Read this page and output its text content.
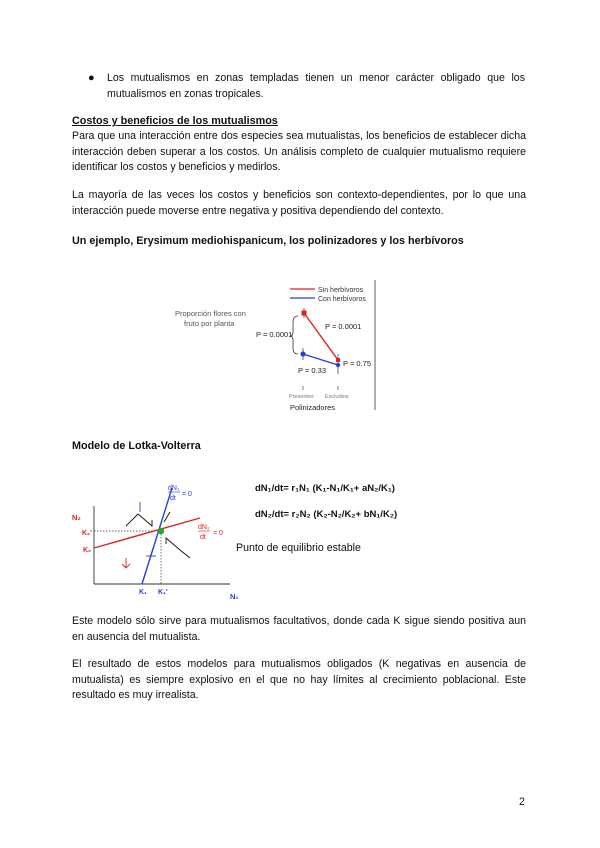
● Los mutualismos en zonas templadas tienen un menor carácter obligado que los mutualismos en zonas tropicales.
Costos y beneficios de los mutualismos
Para que una interacción entre dos especies sea mutualistas, los beneficios de establecer dicha interacción deben superar a los costos. Un análisis completo de cualquier mutualismo requiere identificar los costos y beneficios y medirlos.
La mayoría de las veces los costos y beneficios son contexto-dependientes, por lo que una interacción puede moverse entre negativa y positiva dependiendo del contexto.
Un ejemplo, Erysimum mediohispanicum, los polinizadores y los herbívoros
Proporción flores con
fruto por planta
Sin herbívoros
Con herbívoros
P = 0.0001
P = 0.0001
P = 0.33
P = 0.75
Presentes Excluidos
Polinizadores
Modelo de Lotka-Volterra
N₂
N₁
dN₁
dt
= 0
dN₂
dt
= 0
K₂'
K₂
K₁ K₁'
dN₁/dt= r₁N₁ (K₁-N₁/K₁+ aN₂/K₁)
dN₂/dt= r₂N₂ (K₂-N₂/K₂+ bN₁/K₂)
Punto de equilibrio estable
Este modelo sólo sirve para mutualismos facultativos, donde cada K sigue siendo positiva aun en ausencia del mutualista.
El resultado de estos modelos para mutualismos obligados (K negativas en ausencia de mutualista) es siempre explosivo en el que no hay límites al crecimiento poblacional. Este resultado es muy irrealista.
2
